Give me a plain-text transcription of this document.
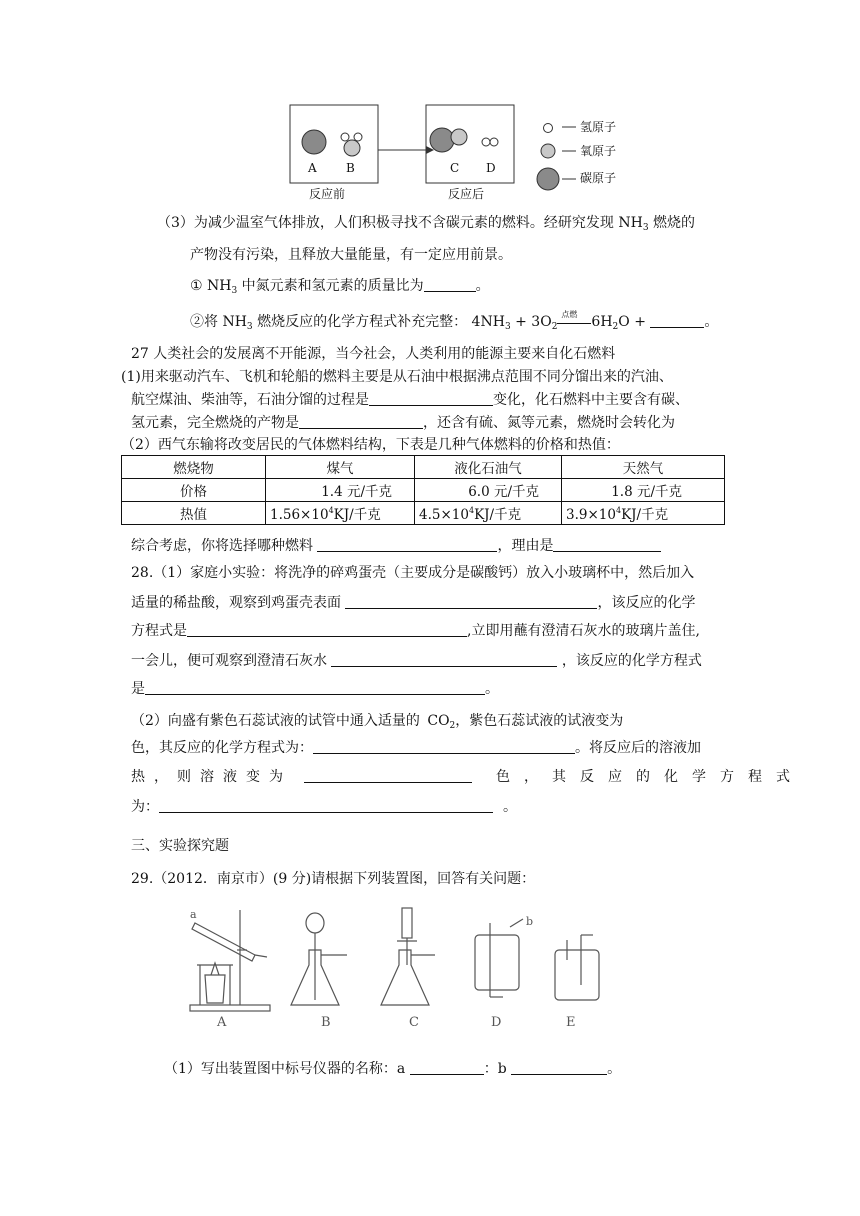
A B	C D
反应前	反应后
氢原子
氧原子
碳原子
（3）为减少温室气体排放，人们积极寻找不含碳元素的燃料。经研究发现 $NH_3$ 燃烧的
产物没有污染，且释放大量能量，有一定应用前景。
① $NH_3$ 中氮元素和氢元素的质量比为	。
②将 $NH_3$ 燃烧反应的化学方程式补充完整： $4NH_3 + 3O_2$
点燃 $6H_2O$ +	。
27 人类社会的发展离不开能源，当今社会，人类利用的能源主要来自化石燃料
(1)用来驱动汽车、飞机和轮船的燃料主要是从石油中根据沸点范围不同分馏出来的汽油、
航空煤油、柴油等，石油分馏的过程是	变化，化石燃料中主要含有碳、
氢元素，完全燃烧的产物是	，还含有硫、氮等元素，燃烧时会转化为
（2）西气东输将改变居民的气体燃料结构，下表是几种气体燃料的价格和热值：
燃烧物	煤气	液化石油气	天然气
价格	1.4 元/千克	6.0 元/千克	1.8 元/千克
热值	$1.56\times 10^4KJ/$千克	$4.5\times 10^4KJ/$千克	$3.9\times 10^4KJ/$千克
综合考虑，你将选择哪种燃料	，理由是
28.（1）家庭小实验：将洗净的碎鸡蛋壳（主要成分是碳酸钙）放入小玻璃杯中，然后加入
适量的稀盐酸，观察到鸡蛋壳表面	，该反应的化学
方程式是	,立即用蘸有澄清石灰水的玻璃片盖住,
一会儿，便可观察到澄清石灰水	，该反应的化学方程式
是	。
（2）向盛有紫色石蕊试液的试管中通入适量的 $CO_2$，紫色石蕊试液的试液变为
色，其反应的化学方程式为：	。将反应后的溶液加
热，则溶液变为	色，其反应的化学方程式
为：	。
三、实验探究题
29.（2012．南京市）(9 分)请根据下列装置图，回答有关问题：
a
b
A	B	C	D	E
（1）写出装置图中标号仪器的名称：a	：b	。
